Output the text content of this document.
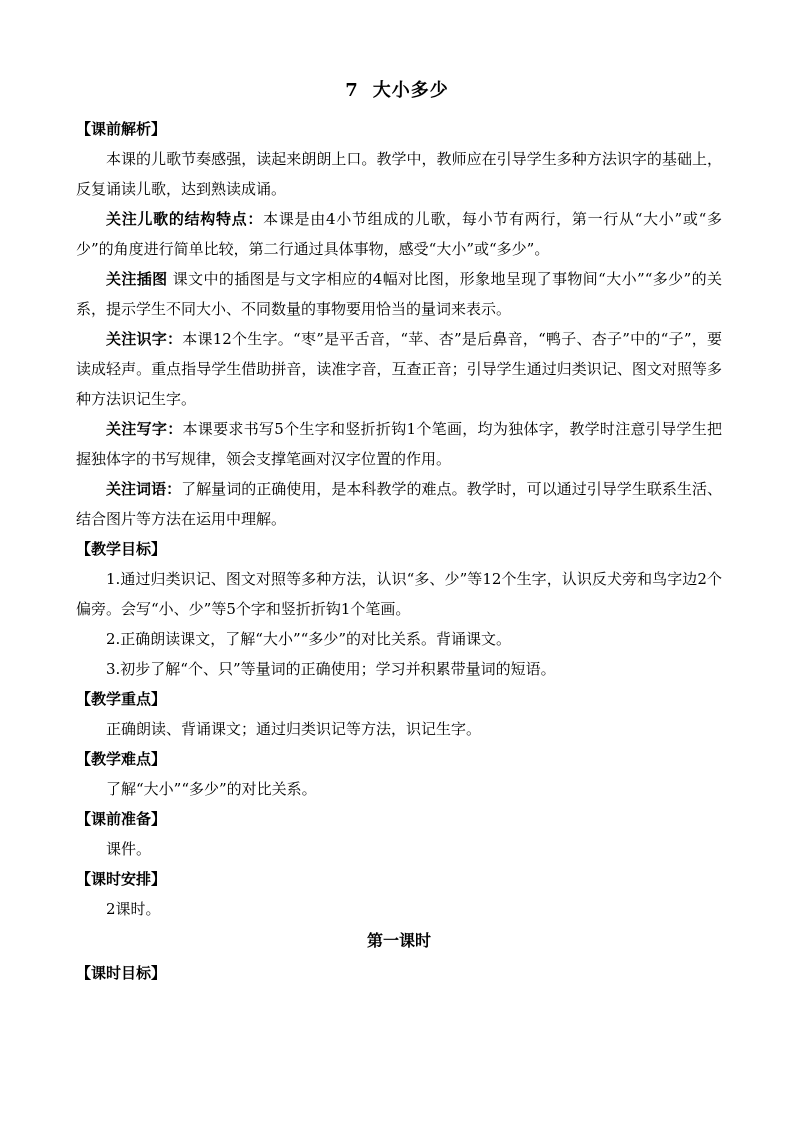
7 大小多少
【课前解析】

本课的儿歌节奏感强，读起来朗朗上口。教学中，教师应在引导学生多种方法识字的基础上，反复诵读儿歌，达到熟读成诵。

关注儿歌的结构特点：本课是由4小节组成的儿歌，每小节有两行，第一行从“大小”或“多少”的角度进行简单比较，第二行通过具体事物，感受“大小”或“多少”。

关注插图 课文中的插图是与文字相应的4幅对比图，形象地呈现了事物间“大小”“多少”的关系，提示学生不同大小、不同数量的事物要用恰当的量词来表示。

关注识字：本课12个生字。“枣”是平舌音，“苹、杏”是后鼻音，“鸭子、杏子”中的“子”，要读成轻声。重点指导学生借助拼音，读准字音，互查正音；引导学生通过归类识记、图文对照等多种方法识记生字。

关注写字：本课要求书写5个生字和竖折折钩1个笔画，均为独体字，教学时注意引导学生把握独体字的书写规律，领会支撑笔画对汉字位置的作用。

关注词语：了解量词的正确使用，是本科教学的难点。教学时，可以通过引导学生联系生活、结合图片等方法在运用中理解。

【教学目标】

1.通过归类识记、图文对照等多种方法，认识“多、少”等12个生字，认识反犬旁和鸟字边2个偏旁。会写“小、少”等5个字和竖折折钩1个笔画。

2.正确朗读课文，了解“大小”“多少”的对比关系。背诵课文。

3.初步了解“个、只”等量词的正确使用；学习并积累带量词的短语。

【教学重点】

正确朗读、背诵课文；通过归类识记等方法，识记生字。

【教学难点】

了解“大小”“多少”的对比关系。

【课前准备】

课件。

【课时安排】

2课时。

第一课时
【课时目标】
